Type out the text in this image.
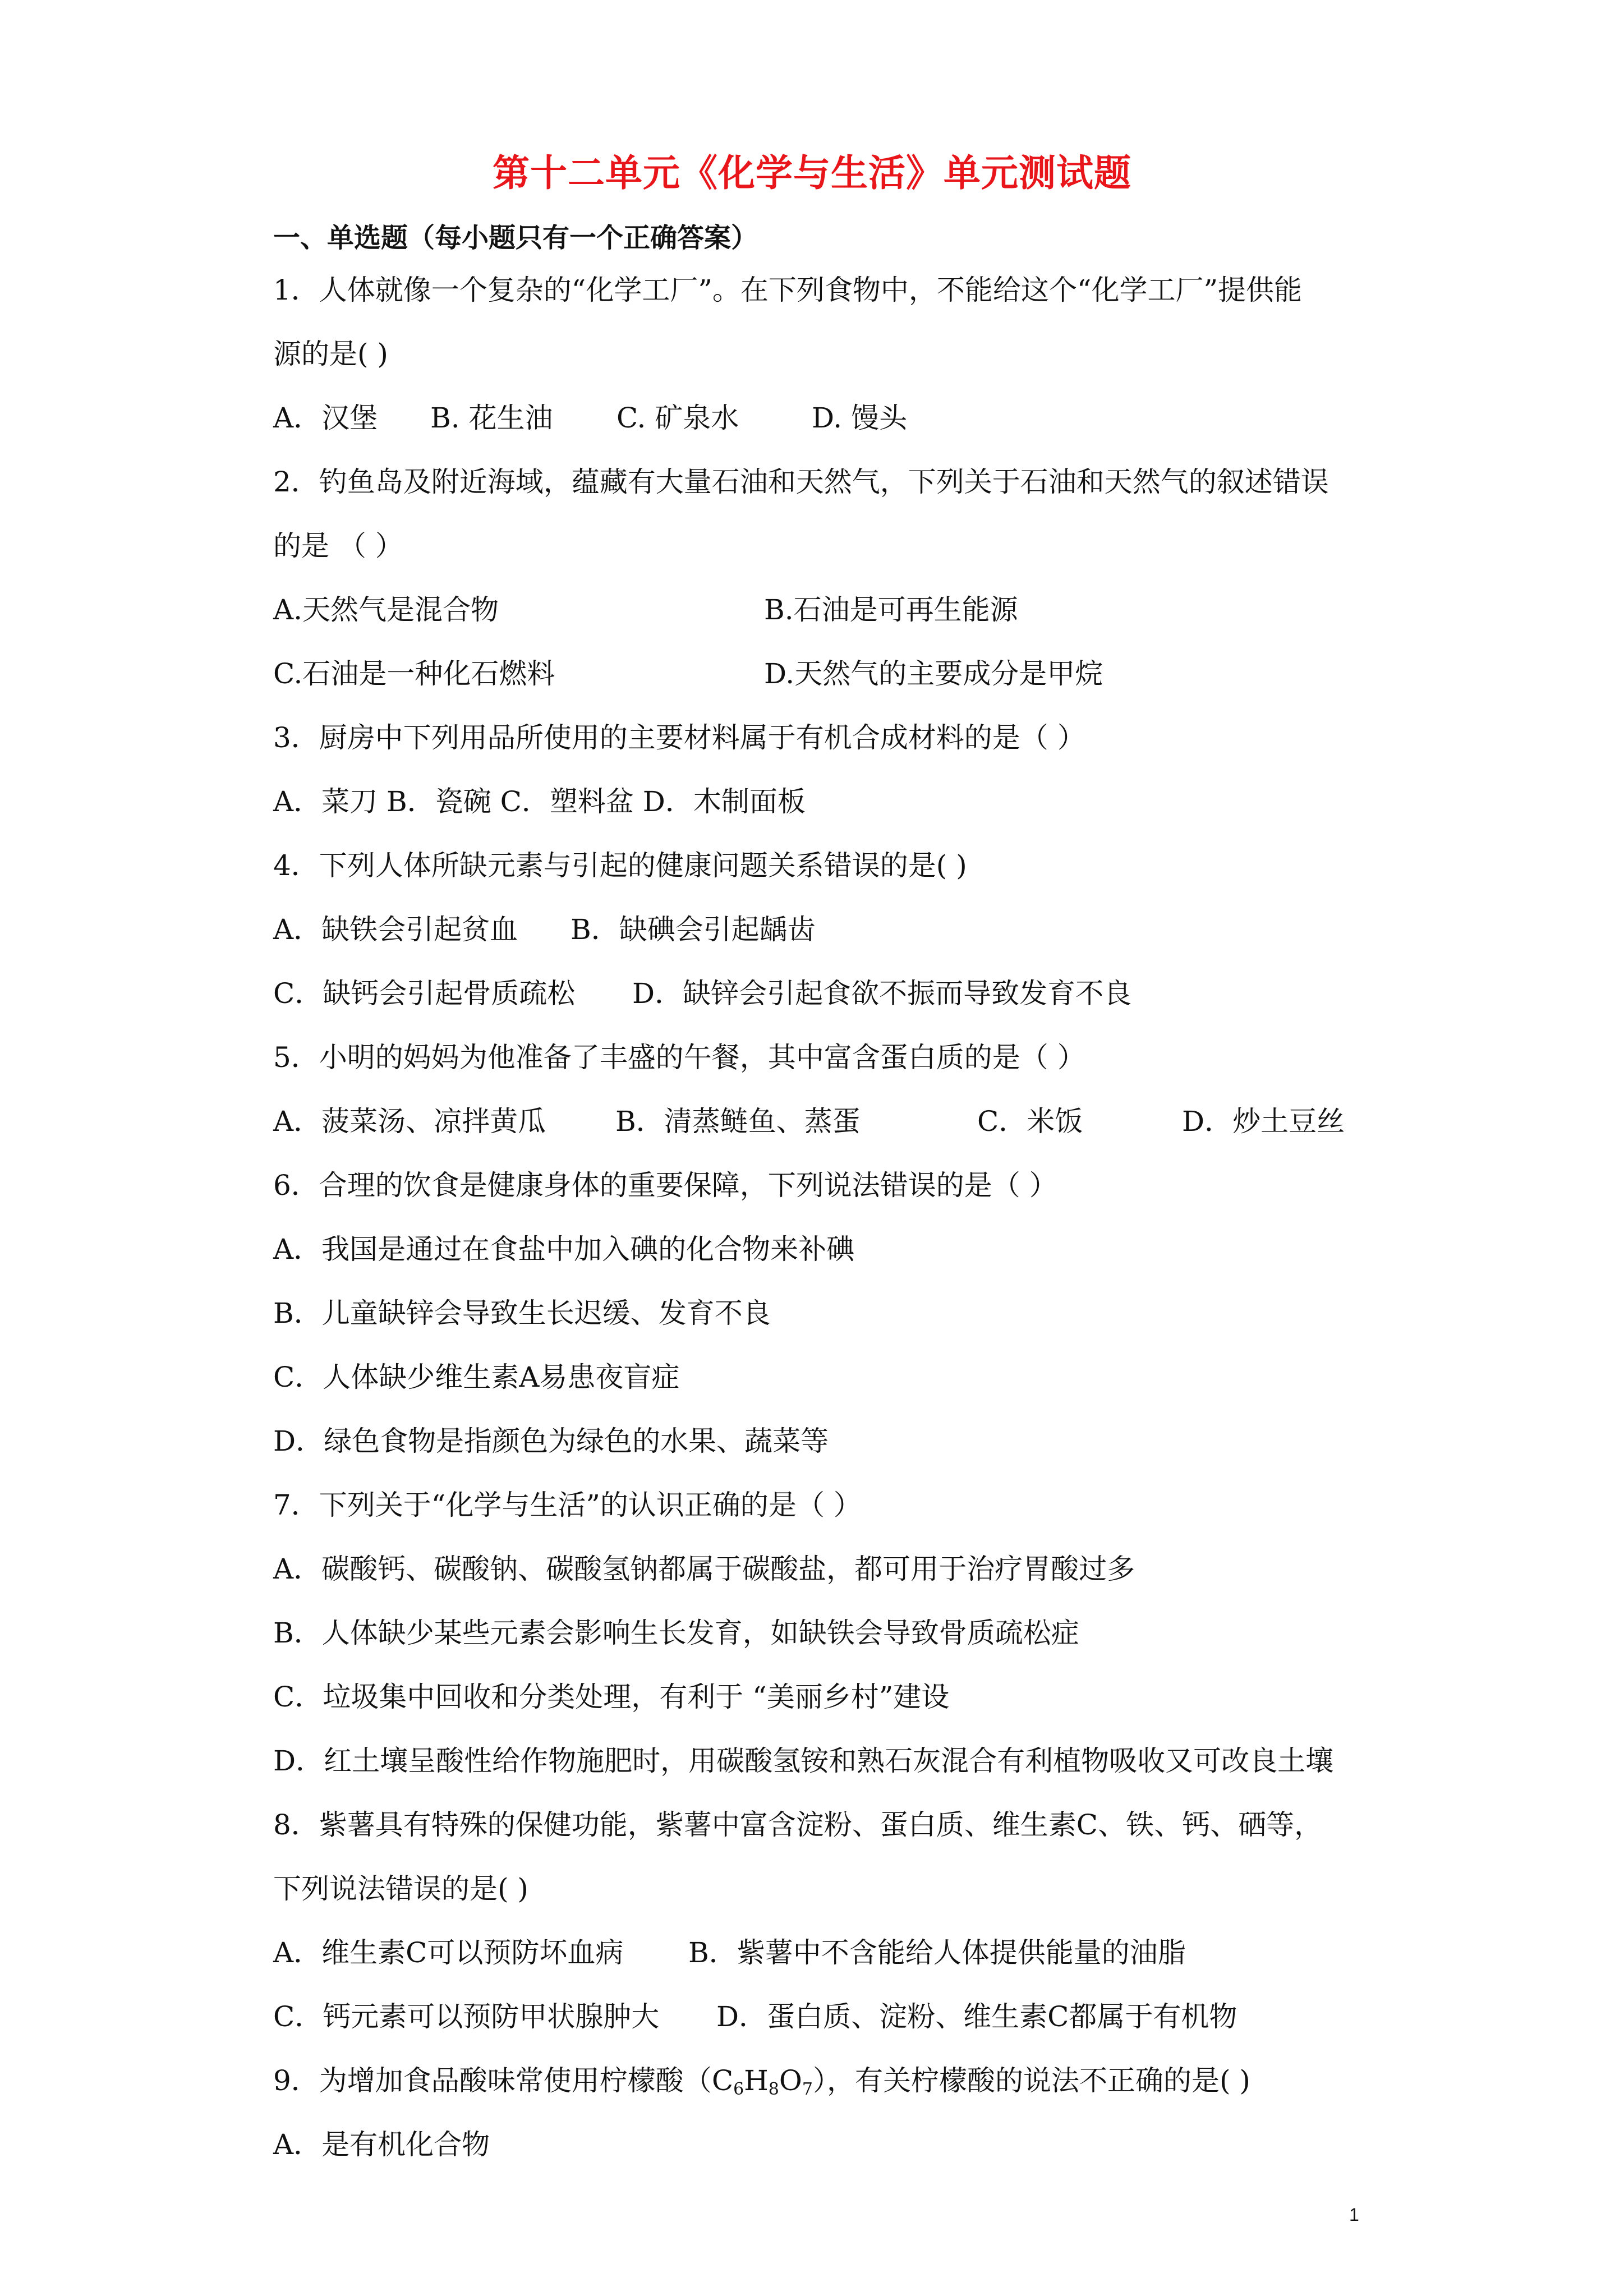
第十二单元《化学与生活》单元测试题
一、单选题（每小题只有一个正确答案）
1．人体就像一个复杂的“化学工厂”。在下列食物中，不能给这个“化学工厂”提供能
源的是( )
A．汉堡 B. 花生油 C. 矿泉水	D. 馒头
2．钓鱼岛及附近海域，蕴藏有大量石油和天然气，下列关于石油和天然气的叙述错误
的是 （ ）
A.天然气是混合物	B.石油是可再生能源
C.石油是一种化石燃料	D.天然气的主要成分是甲烷
3．厨房中下列用品所使用的主要材料属于有机合成材料的是（ ）
A．菜刀 B．瓷碗 C．塑料盆 D．木制面板
4．下列人体所缺元素与引起的健康问题关系错误的是( )
A．缺铁会引起贫血 B．缺碘会引起龋齿
C．缺钙会引起骨质疏松 D．缺锌会引起食欲不振而导致发育不良
5．小明的妈妈为他准备了丰盛的午餐，其中富含蛋白质的是（ ）
A．菠菜汤、凉拌黄瓜 B．清蒸鲢鱼、蒸蛋	C．米饭	D．炒土豆丝
6．合理的饮食是健康身体的重要保障，下列说法错误的是（ ）
A．我国是通过在食盐中加入碘的化合物来补碘
B．儿童缺锌会导致生长迟缓、发育不良
C．人体缺少维生素A易患夜盲症
D．绿色食物是指颜色为绿色的水果、蔬菜等
7．下列关于“化学与生活”的认识正确的是（ ）
A．碳酸钙、碳酸钠、碳酸氢钠都属于碳酸盐，都可用于治疗胃酸过多
B．人体缺少某些元素会影响生长发育，如缺铁会导致骨质疏松症
C．垃圾集中回收和分类处理，有利于 “美丽乡村”建设
D．红土壤呈酸性给作物施肥时，用碳酸氢铵和熟石灰混合有利植物吸收又可改良土壤
8．紫薯具有特殊的保健功能，紫薯中富含淀粉、蛋白质、维生素C、铁、钙、硒等，
下列说法错误的是( )
A．维生素C可以预防坏血病 B．紫薯中不含能给人体提供能量的油脂
C．钙元素可以预防甲状腺肿大 D．蛋白质、淀粉、维生素C都属于有机物
9．为增加食品酸味常使用柠檬酸$(C_6H_8O_7)$，有关柠檬酸的说法不正确的是( )
A．是有机化合物
1
